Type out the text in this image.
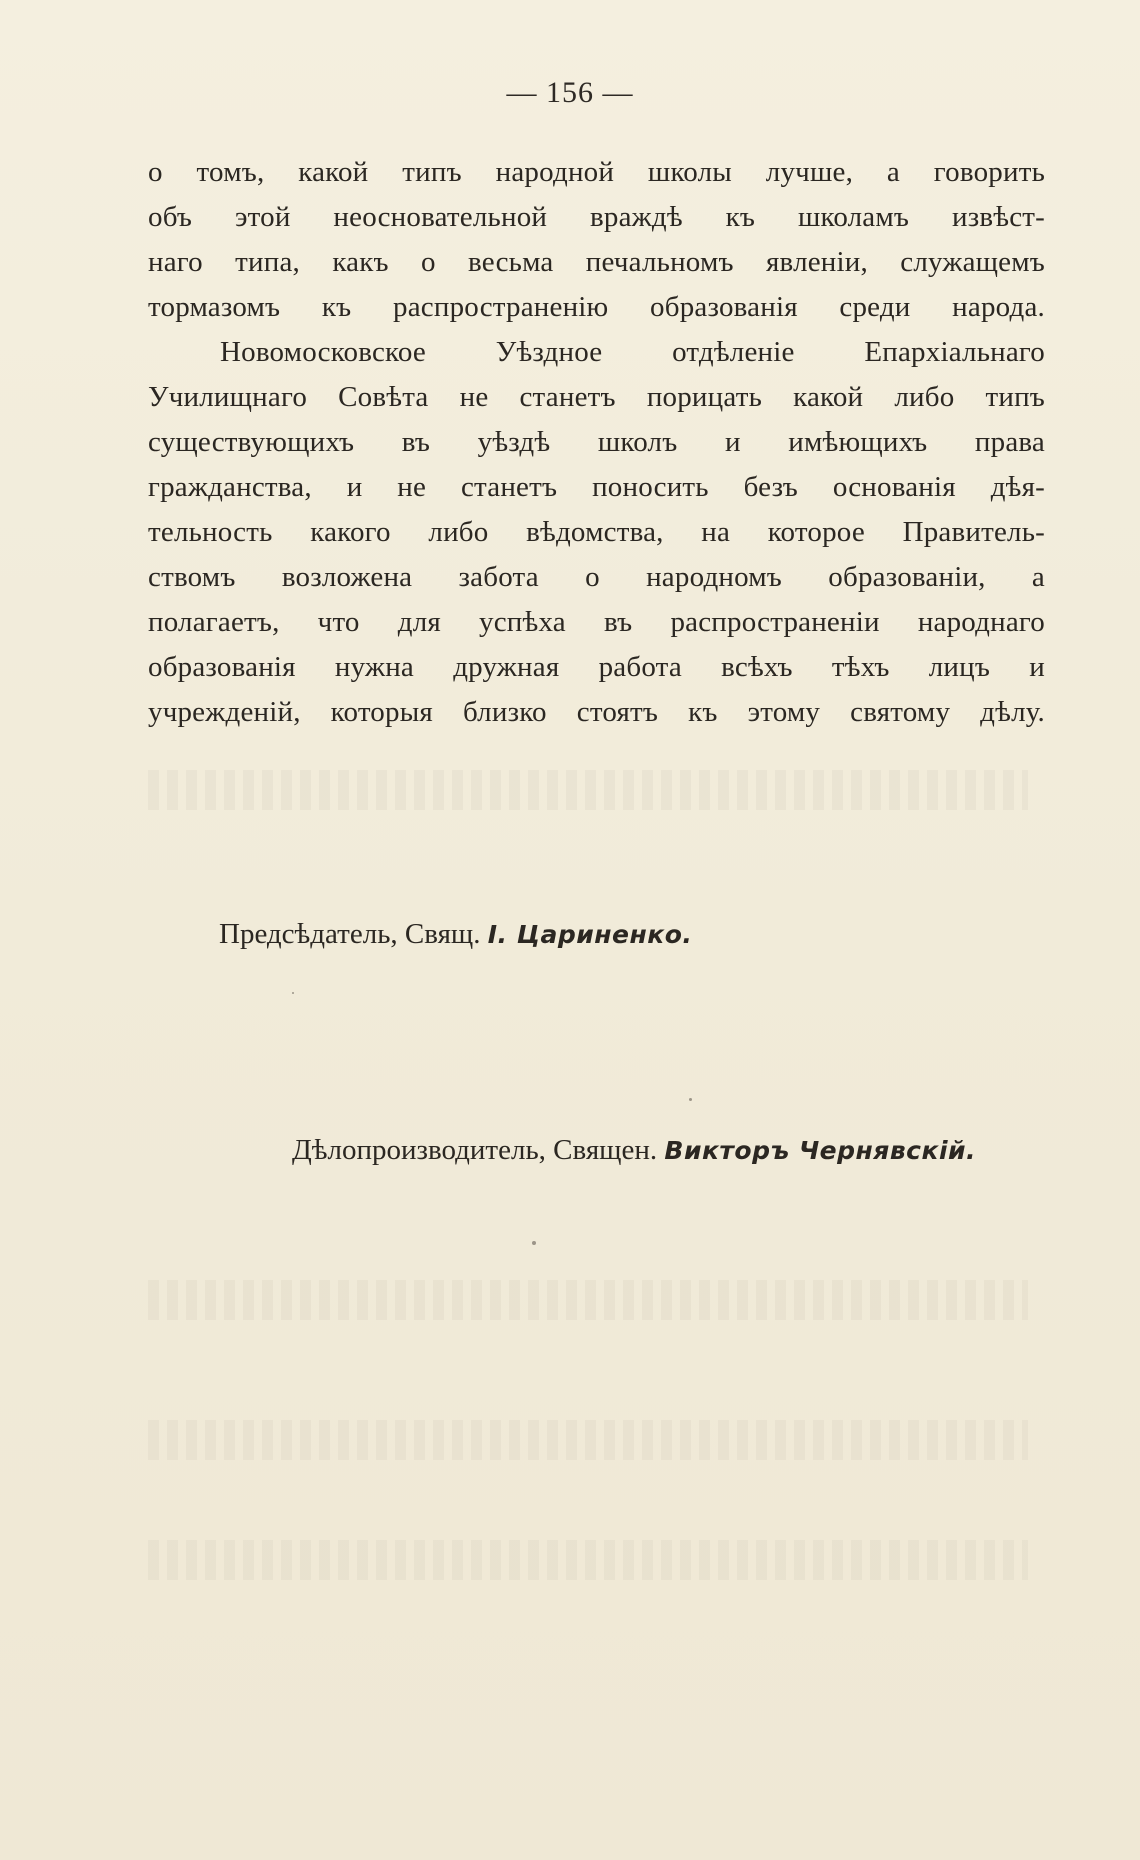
— 156 —
о томъ, какой типъ народной школы лучше, а говорить
объ этой неосновательной враждѣ къ школамъ извѣст-
наго типа, какъ о весьма печальномъ явленіи, служащемъ
тормазомъ къ распространенію образованія среди народа.
Новомосковское Уѣздное отдѣленіе Епархіальнаго
Училищнаго Совѣта не станетъ порицать какой либо типъ
существующихъ въ уѣздѣ школъ и имѣющихъ права
гражданства, и не станетъ поносить безъ основанія дѣя-
тельность какого либо вѣдомства, на которое Правитель-
ствомъ возложена забота о народномъ образованіи, а
полагаетъ, что для успѣха въ распространеніи народнаго
образованія нужна дружная работа всѣхъ тѣхъ лицъ и
учрежденій, которыя близко стоятъ къ этому святому дѣлу.
Предсѣдатель, Свящ. І. Цариненко.
Дѣлопроизводитель, Священ. Викторъ Чернявскій.
